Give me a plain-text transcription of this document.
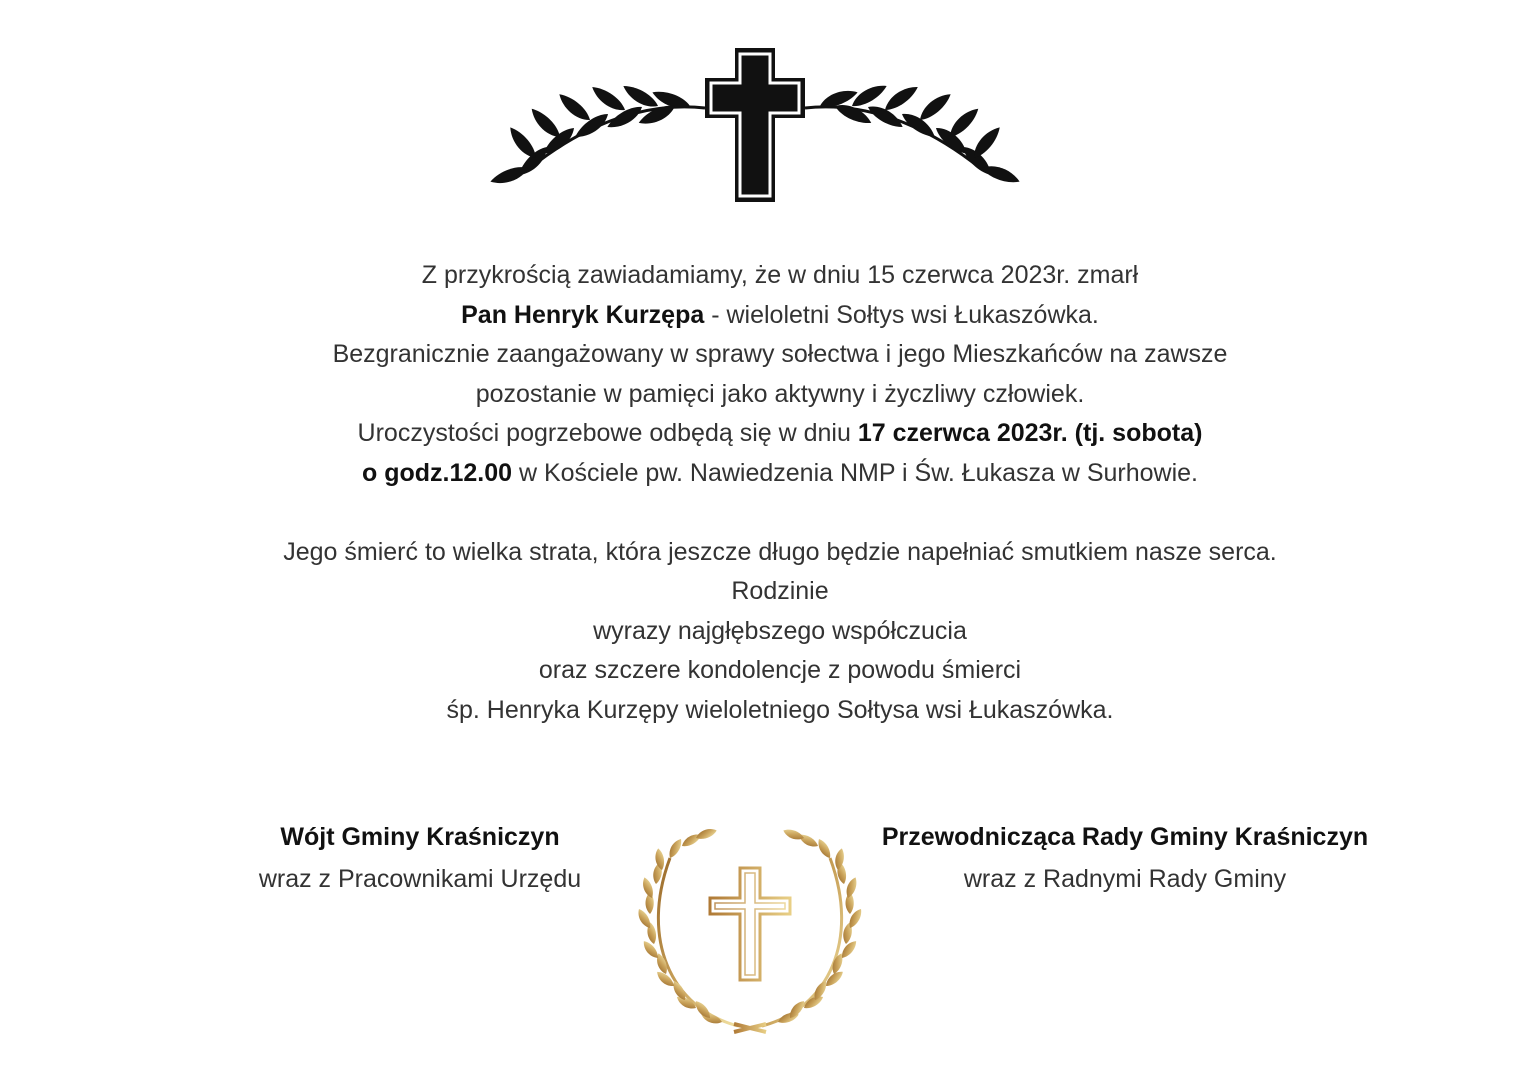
Z przykrością zawiadamiamy, że w dniu 15 czerwca 2023r. zmarł

Pan Henryk Kurzępa - wieloletni Sołtys wsi Łukaszówka.

Bezgranicznie zaangażowany w sprawy sołectwa i jego Mieszkańców na zawsze

pozostanie w pamięci jako aktywny i życzliwy człowiek.

Uroczystości pogrzebowe odbędą się w dniu 17 czerwca 2023r. (tj. sobota)

o godz.12.00 w Kościele pw. Nawiedzenia NMP i Św. Łukasza w Surhowie.

Jego śmierć to wielka strata, która jeszcze długo będzie napełniać smutkiem nasze serca.

Rodzinie

wyrazy najgłębszego współczucia

oraz szczere kondolencje z powodu śmierci

śp. Henryka Kurzępy wieloletniego Sołtysa wsi Łukaszówka.

Wójt Gminy Kraśniczyn
wraz z Pracownikami Urzędu
Przewodnicząca Rady Gminy Kraśniczyn
wraz z Radnymi Rady Gminy
